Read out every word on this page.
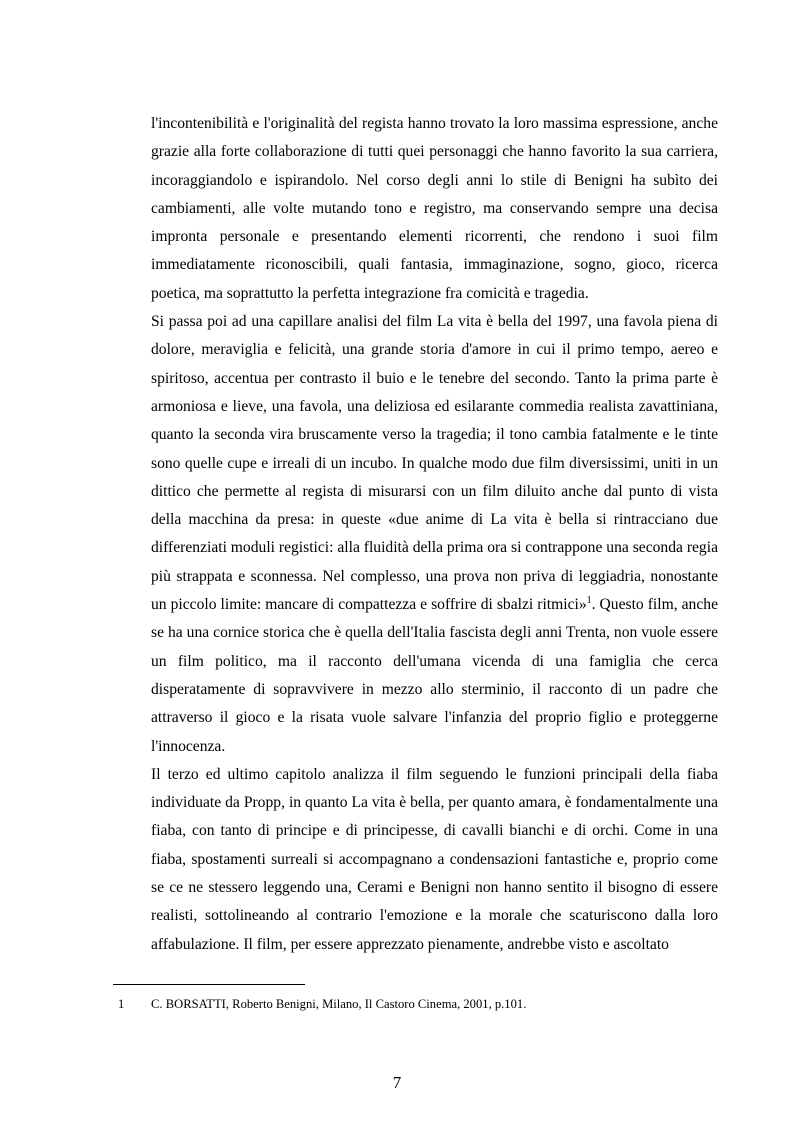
l'incontenibilità e l'originalità del regista hanno trovato la loro massima espressione, anche grazie alla forte collaborazione di tutti quei personaggi che hanno favorito la sua carriera, incoraggiandolo e ispirandolo. Nel corso degli anni lo stile di Benigni ha subìto dei cambiamenti, alle volte mutando tono e registro, ma conservando sempre una decisa impronta personale e presentando elementi ricorrenti, che rendono i suoi film immediatamente riconoscibili, quali fantasia, immaginazione, sogno, gioco, ricerca poetica, ma soprattutto la perfetta integrazione fra comicità e tragedia.

Si passa poi ad una capillare analisi del film La vita è bella del 1997, una favola piena di dolore, meraviglia e felicità, una grande storia d'amore in cui il primo tempo, aereo e spiritoso, accentua per contrasto il buio e le tenebre del secondo. Tanto la prima parte è armoniosa e lieve, una favola, una deliziosa ed esilarante commedia realista zavattiniana, quanto la seconda vira bruscamente verso la tragedia; il tono cambia fatalmente e le tinte sono quelle cupe e irreali di un incubo. In qualche modo due film diversissimi, uniti in un dittico che permette al regista di misurarsi con un film diluito anche dal punto di vista della macchina da presa: in queste «due anime di La vita è bella si rintracciano due differenziati moduli registici: alla fluidità della prima ora si contrappone una seconda regia più strappata e sconnessa. Nel complesso, una prova non priva di leggiadria, nonostante un piccolo limite: mancare di compattezza e soffrire di sbalzi ritmici»$^1$. Questo film, anche se ha una cornice storica che è quella dell'Italia fascista degli anni Trenta, non vuole essere un film politico, ma il racconto dell'umana vicenda di una famiglia che cerca disperatamente di sopravvivere in mezzo allo sterminio, il racconto di un padre che attraverso il gioco e la risata vuole salvare l'infanzia del proprio figlio e proteggerne l'innocenza.

Il terzo ed ultimo capitolo analizza il film seguendo le funzioni principali della fiaba individuate da Propp, in quanto La vita è bella, per quanto amara, è fondamentalmente una fiaba, con tanto di principe e di principesse, di cavalli bianchi e di orchi. Come in una fiaba, spostamenti surreali si accompagnano a condensazioni fantastiche e, proprio come se ce ne stessero leggendo una, Cerami e Benigni non hanno sentito il bisogno di essere realisti, sottolineando al contrario l'emozione e la morale che scaturiscono dalla loro affabulazione. Il film, per essere apprezzato pienamente, andrebbe visto e ascoltato

1 C. BORSATTI, Roberto Benigni, Milano, Il Castoro Cinema, 2001, p.101.
7
